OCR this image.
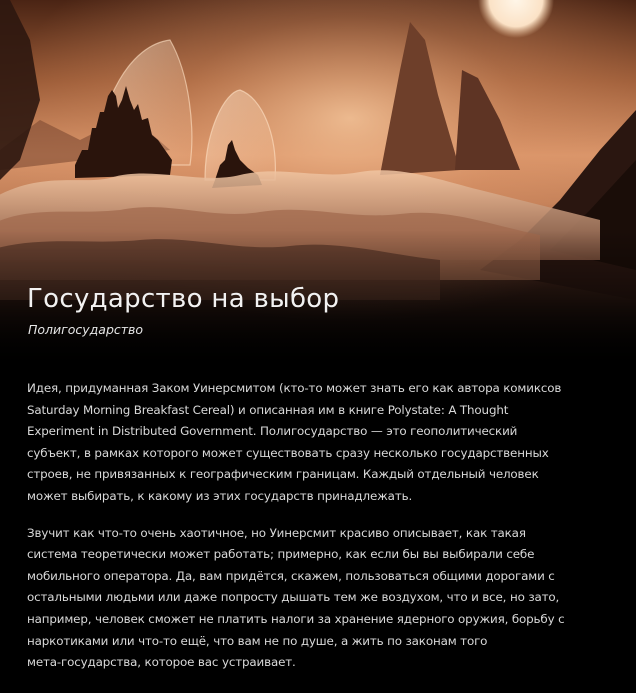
Государство на выбор

Полигосударство

Идея, придуманная Заком Уинерсмитом (кто-то может знать его как автора комиксов
Saturday Morning Breakfast Cereal) и описанная им в книге Polystate: A Thought
Experiment in Distributed Government. Полигосударство — это геополитический
субъект, в рамках которого может существовать сразу несколько государственных
строев, не привязанных к географическим границам. Каждый отдельный человек
может выбирать, к какому из этих государств принадлежать.

Звучит как что-то очень хаотичное, но Уинерсмит красиво описывает, как такая
система теоретически может работать; примерно, как если бы вы выбирали себе
мобильного оператора. Да, вам придётся, скажем, пользоваться общими дорогами с
остальными людьми или даже попросту дышать тем же воздухом, что и все, но зато,
например, человек сможет не платить налоги за хранение ядерного оружия, борьбу с
наркотиками или что-то ещё, что вам не по душе, а жить по законам того
мета-государства, которое вас устраивает.
